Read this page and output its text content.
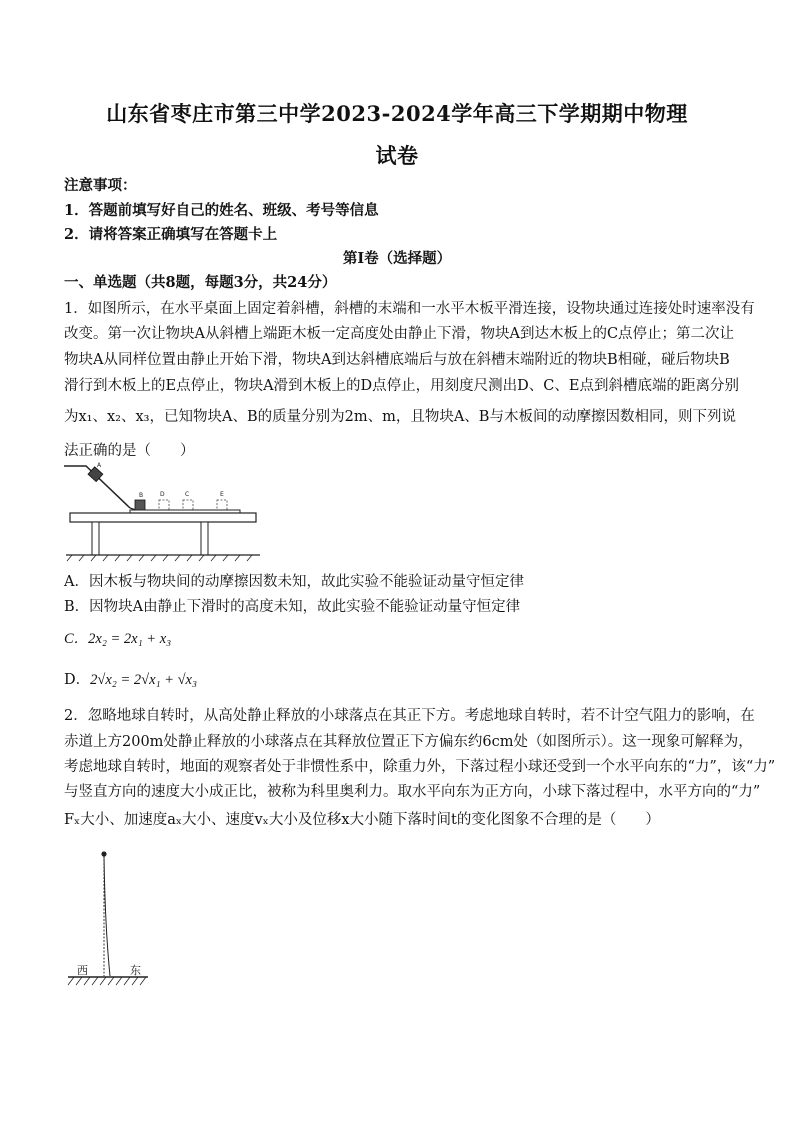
山东省枣庄市第三中学2023-2024学年高三下学期期中物理
试卷
注意事项：
1．答题前填写好自己的姓名、班级、考号等信息
2．请将答案正确填写在答题卡上
第Ⅰ卷（选择题）
一、单选题（共8题，每题3分，共24分）
1．如图所示，在水平桌面上固定着斜槽，斜槽的末端和一水平木板平滑连接，设物块通过连接处时速率没有
改变。第一次让物块A从斜槽上端距木板一定高度处由静止下滑，物块A到达木板上的C点停止；第二次让
物块A从同样位置由静止开始下滑，物块A到达斜槽底端后与放在斜槽末端附近的物块B相碰，碰后物块B
滑行到木板上的E点停止，物块A滑到木板上的D点停止，用刻度尺测出D、C、E点到斜槽底端的距离分别
为x₁、x₂、x₃，已知物块A、B的质量分别为2m、m，且物块A、B与木板间的动摩擦因数相同，则下列说
法正确的是（　　）
A
B	D	C	E
A．因木板与物块间的动摩擦因数未知，故此实验不能验证动量守恒定律
B．因物块A由静止下滑时的高度未知，故此实验不能验证动量守恒定律
C．2x₂ = 2x₁ + x₃
D．2√x₂ = 2√x₁ + √x₃
2．忽略地球自转时，从高处静止释放的小球落点在其正下方。考虑地球自转时，若不计空气阻力的影响，在
赤道上方200m处静止释放的小球落点在其释放位置正下方偏东约6cm处（如图所示）。这一现象可解释为，
考虑地球自转时，地面的观察者处于非惯性系中，除重力外，下落过程小球还受到一个水平向东的“力”，该“力”
与竖直方向的速度大小成正比，被称为科里奥利力。取水平向东为正方向，小球下落过程中，水平方向的“力”
Fₓ大小、加速度aₓ大小、速度vₓ大小及位移x大小随下落时间t的变化图象不合理的是（　　）
西	东
